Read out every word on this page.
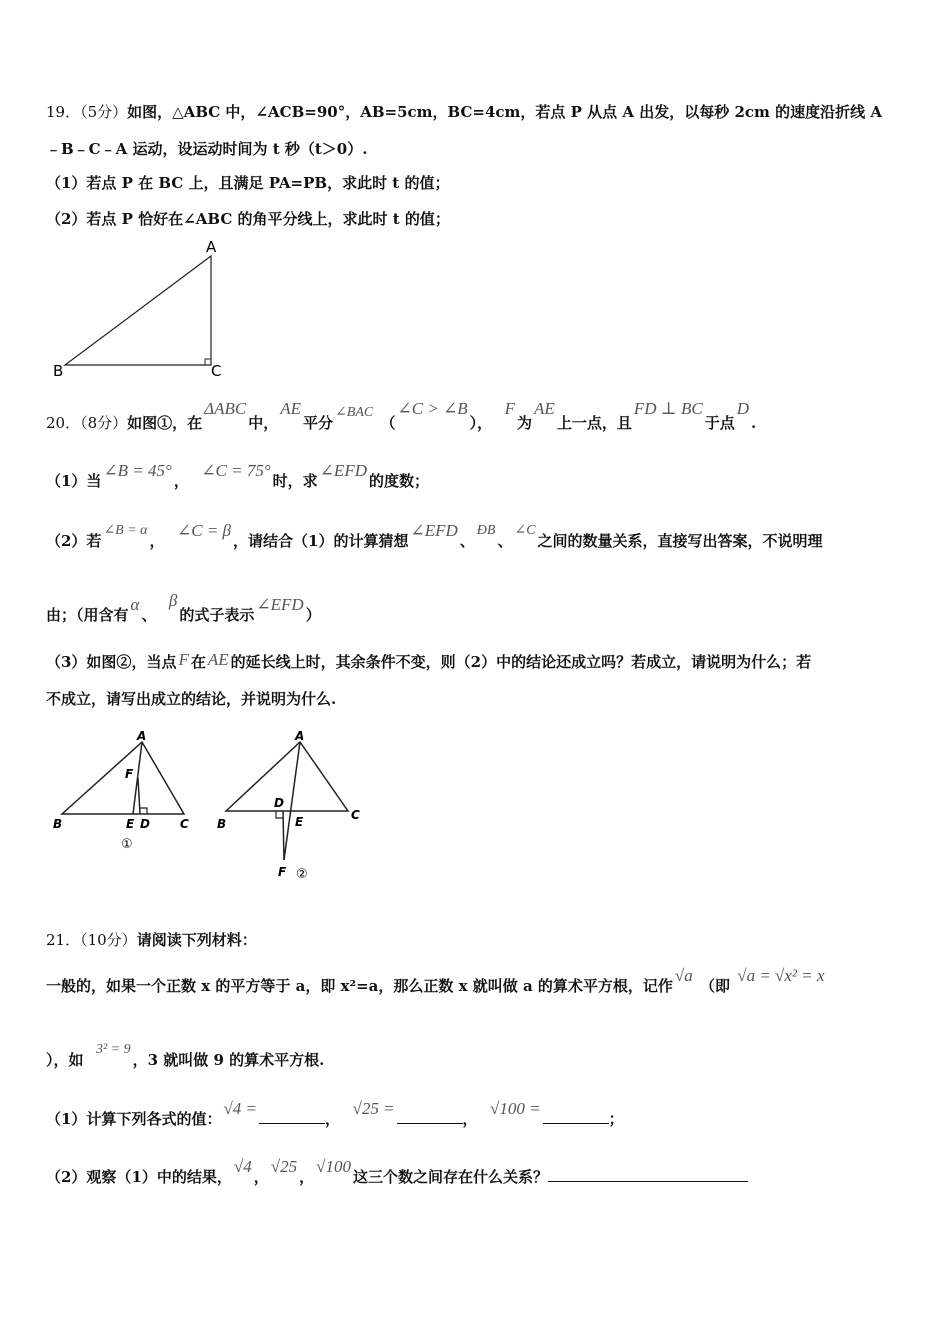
19．（5分）如图，△ABC 中，∠ACB=90°，AB=5cm，BC=4cm，若点 P 从点 A 出发，以每秒 2cm 的速度沿折线 A
﹣B﹣C﹣A 运动，设运动时间为 t 秒（t＞0）.
（1）若点 P 在 BC 上，且满足 PA=PB，求此时 t 的值；
（2）若点 P 恰好在∠ABC 的角平分线上，求此时 t 的值；
A
B	C
20．（8分）如图①，在ΔABC中，AE平分∠BAC （∠C > ∠B），  F为AE上一点，且FD ⊥ BC于点D.
（1）当∠B = 45°，  ∠C = 75°时，求∠EFD的度数；
（2）若∠B = α，  ∠C = β，请结合（1）的计算猜想∠EFD、ÐB、∠C之间的数量关系，直接写出答案，不说明理
由；（用含有α、  β的式子表示∠EFD）
（3）如图②，当点 F 在 AE 的延长线上时，其余条件不变，则（2）中的结论还成立吗？若成立，请说明为什么；若
不成立，请写出成立的结论，并说明为什么.
A
F
B	E D	C
①
A
D
B	E	C
F ②
21．（10分）请阅读下列材料：
一般的，如果一个正数 x 的平方等于 a，即 x²=a，那么正数 x 就叫做 a 的算术平方根，记作√a （即 √a = √x² = x
），如  3² = 9，3 就叫做 9 的算术平方根.
（1）计算下列各式的值：√4 =，  √25 =，  √100 =；
（2）观察（1）中的结果，√4，√25，√100这三个数之间存在什么关系？
